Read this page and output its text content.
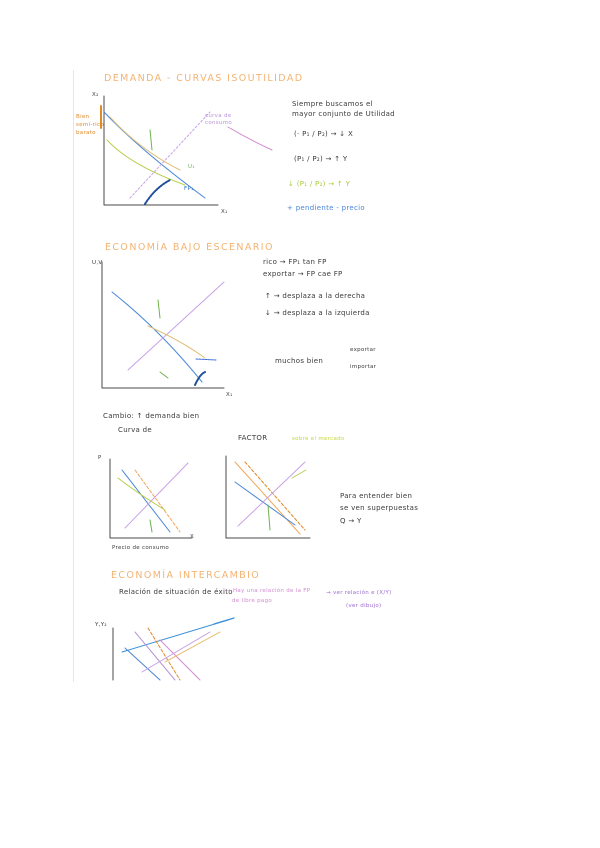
DEMANDA - CURVAS ISOUTILIDAD
X₂
X₁
Bien
semi-rico
barato
curva de
consumo
U₁
FP₁
Siempre buscamos el
mayor conjunto de Utilidad
(· P₁ / P₂) → ↓ X
(P₁ / P₂) → ↑ Y
↓ (P₁ / P₂) → ↑ Y
+ pendiente - precio
ECONOMÍA BAJO ESCENARIO
U,V
X₁
rico → FP₁ tan FP
exportar → FP cae FP
↑ → desplaza a la derecha
↓ → desplaza a la izquierda
muchos bien
exportar
importar
Cambio: ↑ demanda bien
Curva de
FACTOR	sobre el mercado
P
X
Precio de consumo
Para entender bien
se ven superpuestas
Q → Y
ECONOMÍA INTERCAMBIO
Relación de situación de éxito
→ Hay una relación de la FP
de libre pago
→ ver relación e (X/Y)
(ver dibujo)
Y,Y₂
